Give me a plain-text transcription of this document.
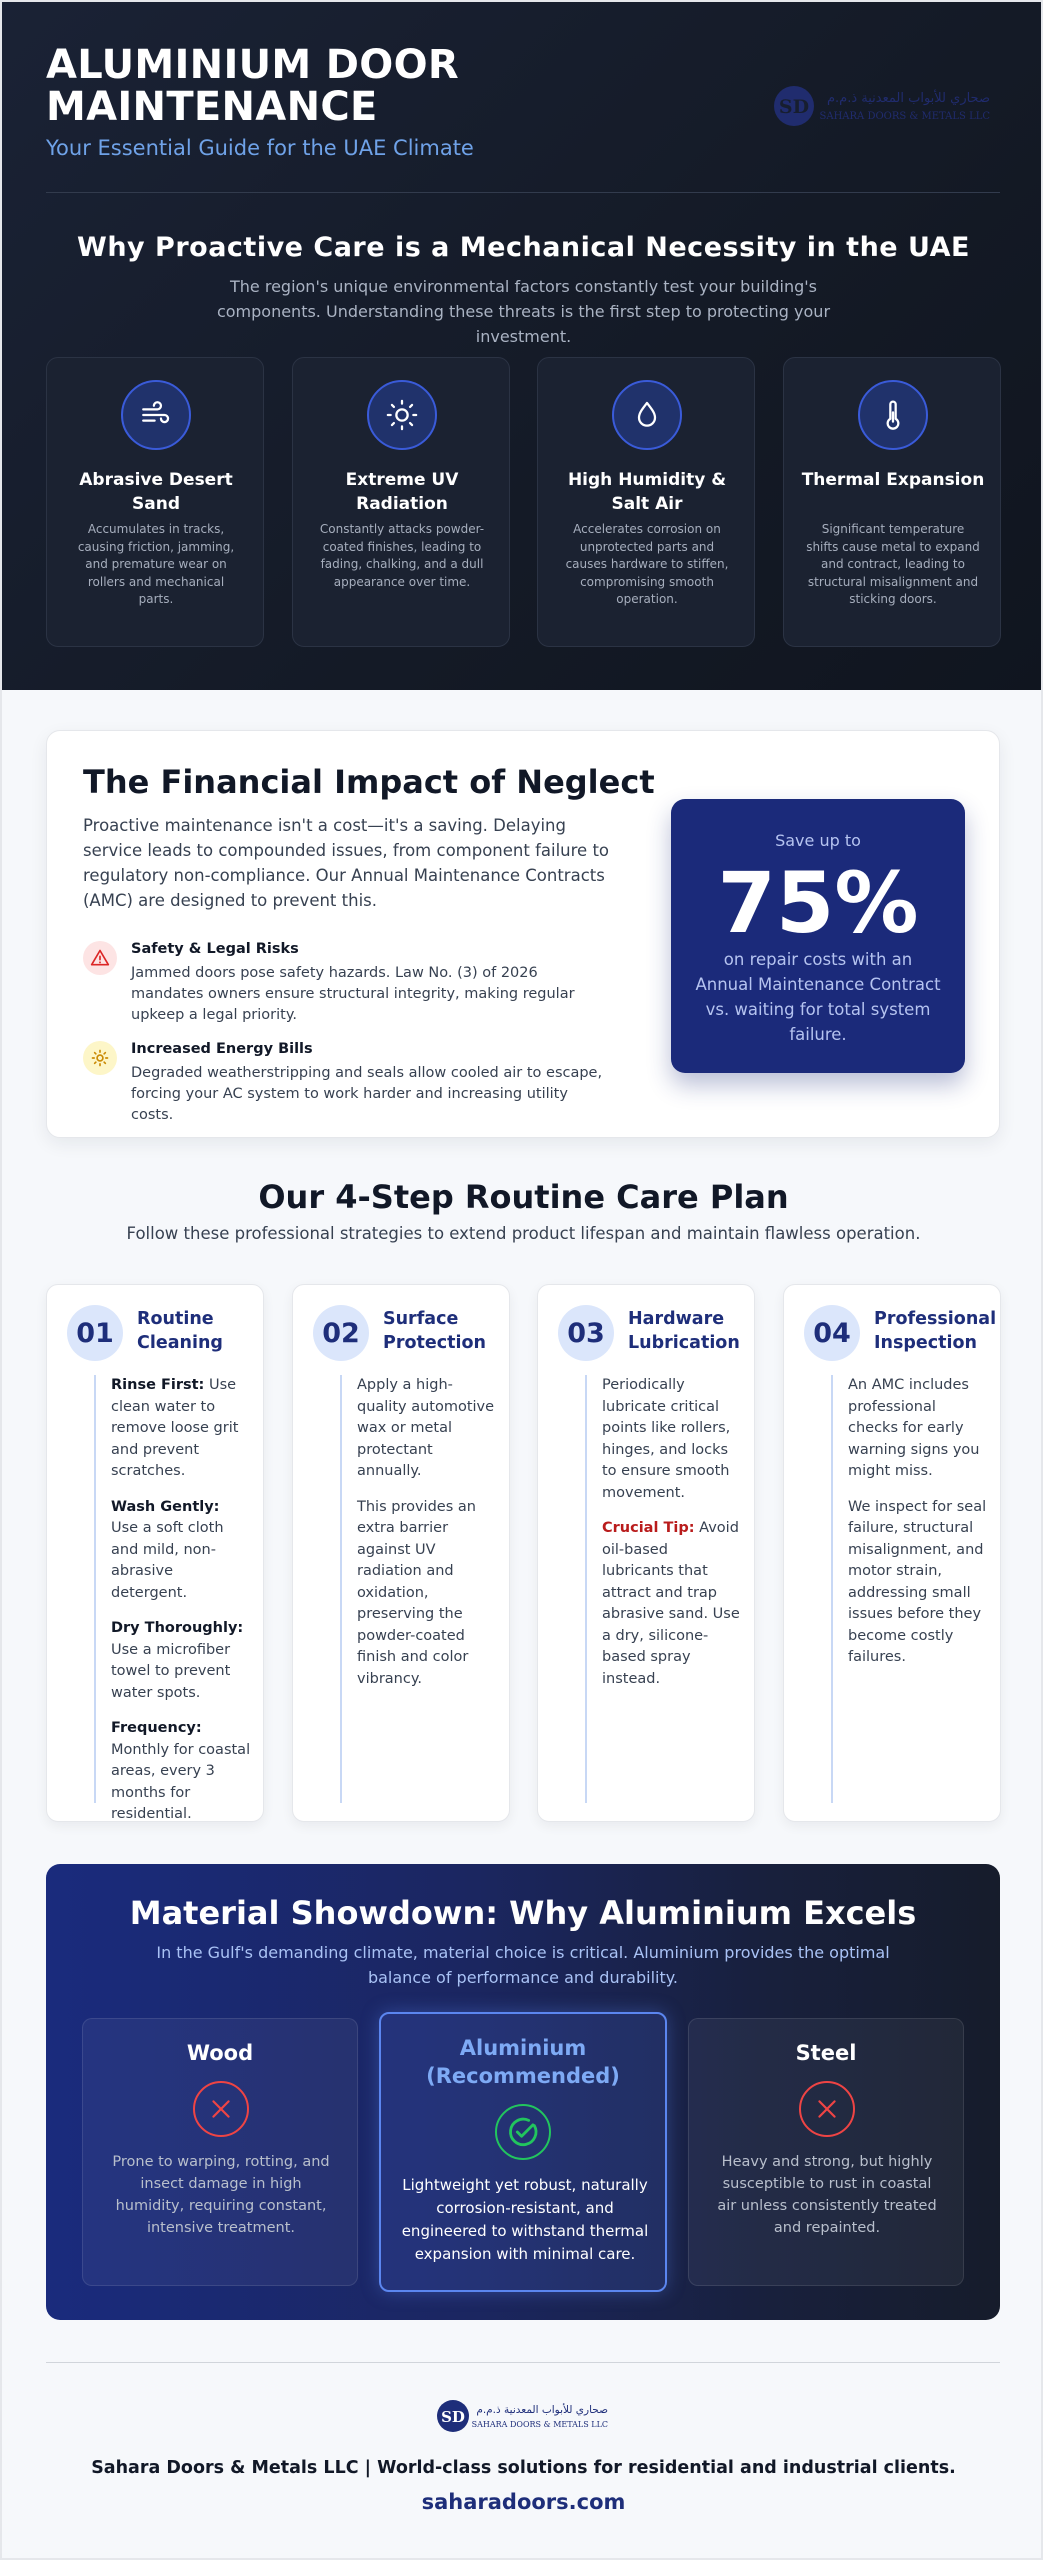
ALUMINIUM DOOR MAINTENANCE
Your Essential Guide for the UAE Climate
SD صحاري للأبواب المعدنية ذ.م.م
SAHARA DOORS & METALS LLC
Why Proactive Care is a Mechanical Necessity in the UAE
The region's unique environmental factors constantly test your building's components. Understanding these threats is the first step to protecting your investment.
Abrasive Desert Sand
Accumulates in tracks, causing friction, jamming, and premature wear on rollers and mechanical parts.
Extreme UV Radiation
Constantly attacks powder-coated finishes, leading to fading, chalking, and a dull appearance over time.
High Humidity & Salt Air
Accelerates corrosion on unprotected parts and causes hardware to stiffen, compromising smooth operation.
Thermal Expansion
Significant temperature shifts cause metal to expand and contract, leading to structural misalignment and sticking doors.
The Financial Impact of Neglect
Proactive maintenance isn't a cost—it's a saving. Delaying service leads to compounded issues, from component failure to regulatory non-compliance. Our Annual Maintenance Contracts (AMC) are designed to prevent this.
Safety & Legal Risks
Jammed doors pose safety hazards. Law No. (3) of 2026 mandates owners ensure structural integrity, making regular upkeep a legal priority.
Increased Energy Bills
Degraded weatherstripping and seals allow cooled air to escape, forcing your AC system to work harder and increasing utility costs.
Save up to
75%
on repair costs with an Annual Maintenance Contract vs. waiting for total system failure.
Our 4-Step Routine Care Plan
Follow these professional strategies to extend product lifespan and maintain flawless operation.
01	Routine Cleaning

Rinse First: Use clean water to remove loose grit and prevent scratches.

Wash Gently: Use a soft cloth and mild, non-abrasive detergent.

Dry Thoroughly: Use a microfiber towel to prevent water spots.

Frequency: Monthly for coastal areas, every 3 months for residential.

02	Surface Protection

Apply a high-quality automotive wax or metal protectant annually.

This provides an extra barrier against UV radiation and oxidation, preserving the powder-coated finish and color vibrancy.

03	Hardware Lubrication

Periodically lubricate critical points like rollers, hinges, and locks to ensure smooth movement.

Crucial Tip: Avoid oil-based lubricants that attract and trap abrasive sand. Use a dry, silicone-based spray instead.

04	Professional Inspection

An AMC includes professional checks for early warning signs you might miss.

We inspect for seal failure, structural misalignment, and motor strain, addressing small issues before they become costly failures.

Material Showdown: Why Aluminium Excels
In the Gulf's demanding climate, material choice is critical. Aluminium provides the optimal balance of performance and durability.
Wood
Prone to warping, rotting, and insect damage in high humidity, requiring constant, intensive treatment.
Aluminium (Recommended)
Lightweight yet robust, naturally corrosion-resistant, and engineered to withstand thermal expansion with minimal care.
Steel
Heavy and strong, but highly susceptible to rust in coastal air unless consistently treated and repainted.
SD صحاري للأبواب المعدنية ذ.م.م
SAHARA DOORS & METALS LLC
Sahara Doors & Metals LLC | World-class solutions for residential and industrial clients.
saharadoors.com
